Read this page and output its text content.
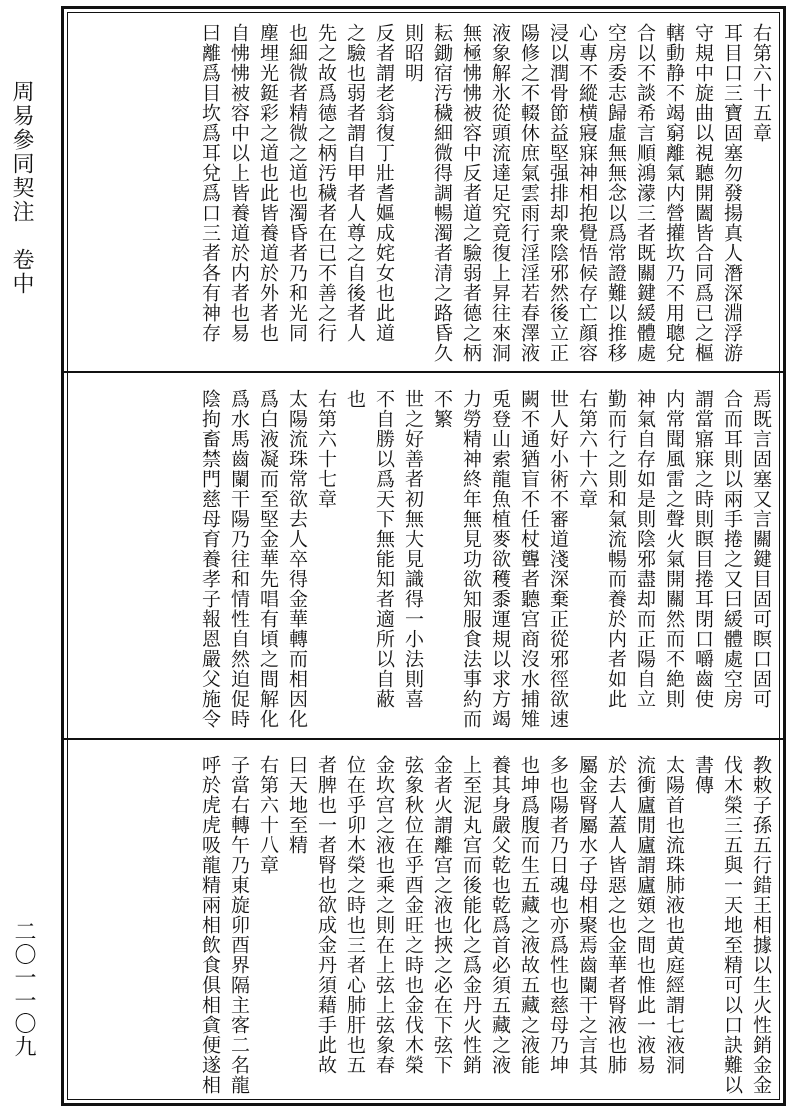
周易參同契注　卷中
二〇一一〇九
右第六十五章
耳目口三寶固塞勿發揚真人潛深淵浮游
守規中旋曲以視聽開闔皆合同爲已之樞
轄動静不竭窮離氣内營㩲坎乃不用聰兌
合以不談希言順鴻濛三者既關鍵緩體處
空房委志歸虛無無念以爲常證難以推移
心專不縱横寢寐神相抱覺悟候存亡顔容
浸以潤骨節益堅强排却衆陰邪然後立正
陽修之不輟休庶氣雲雨行淫淫若春澤液
液象解氷從頭流達足究竟復上昇往來洞
無極怫怫被容中反者道之驗弱者德之柄
耘鋤宿汚穢細微得調暢濁者清之路昏久
則昭明
反者謂老翁復丁壯耆嫗成姹女也此道
之驗也弱者謂自甲者人尊之自後者人
先之故爲德之柄汚穢者在已不善之行
也細微者精微之道也濁昏者乃和光同
塵埋光鋌彩之道也此皆養道於外者也
自怫怫被容中以上皆養道於内者也易
曰離爲目坎爲耳兌爲口三者各有神存
焉既言固塞又言關鍵目固可瞑口固可
合而耳則以兩手捲之又曰緩體處空房
謂當寤寐之時則瞑目捲耳閉口嚼齒使
内常聞風雷之聲火氣開關然而不絶則
神氣自存如是則陰邪盡却而正陽自立
勤而行之則和氣流暢而養於内者如此
右第六十六章
世人好小術不審道淺深棄正從邪徑欲速
闕不通猶盲不任杖聾者聽宫商沒水捕雉
兎登山索龍魚植麥欲穫黍運規以求方竭
力勞精神終年無見功欲知服食法事約而
不繁
世之好善者初無大見識得一小法則喜
不自勝以爲天下無能知者適所以自蔽
也
右第六十七章
太陽流珠常欲去人卒得金華轉而相因化
爲白液凝而至堅金華先唱有頃之間解化
爲水馬齒闌干陽乃往和情性自然迫促時
陰拘畜禁門慈母育養孝子報恩嚴父施令
教敕子孫五行錯王相據以生火性銷金金
伐木榮三五與一天地至精可以口訣難以
書傳
太陽首也流珠肺液也黄庭經謂七液洞
流衝廬閒廬謂廬頞之間也惟此一液易
於去人蓋人皆惡之也金華者腎液也肺
屬金腎屬水子母相聚焉齒闌干之言其
多也陽者乃日魂也亦爲性也慈母乃坤
也坤爲腹而生五藏之液故五藏之液能
養其身嚴父乾也乾爲首必須五藏之液
上至泥丸宫而後能化之爲金丹火性銷
金者火謂離宫之液也挾之必在下弦下
弦象秋位在乎酉金旺之時也金伐木榮
金坎宫之液也乘之則在上弦上弦象春
位在乎卯木榮之時也三者心肺肝也五
者脾也一者腎也欲成金丹須藉手此故
曰天地至精
右第六十八章
子當右轉午乃東旋卯酉界隔主客二名龍
呼於虎虎吸龍精兩相飲食俱相貪便遂相
